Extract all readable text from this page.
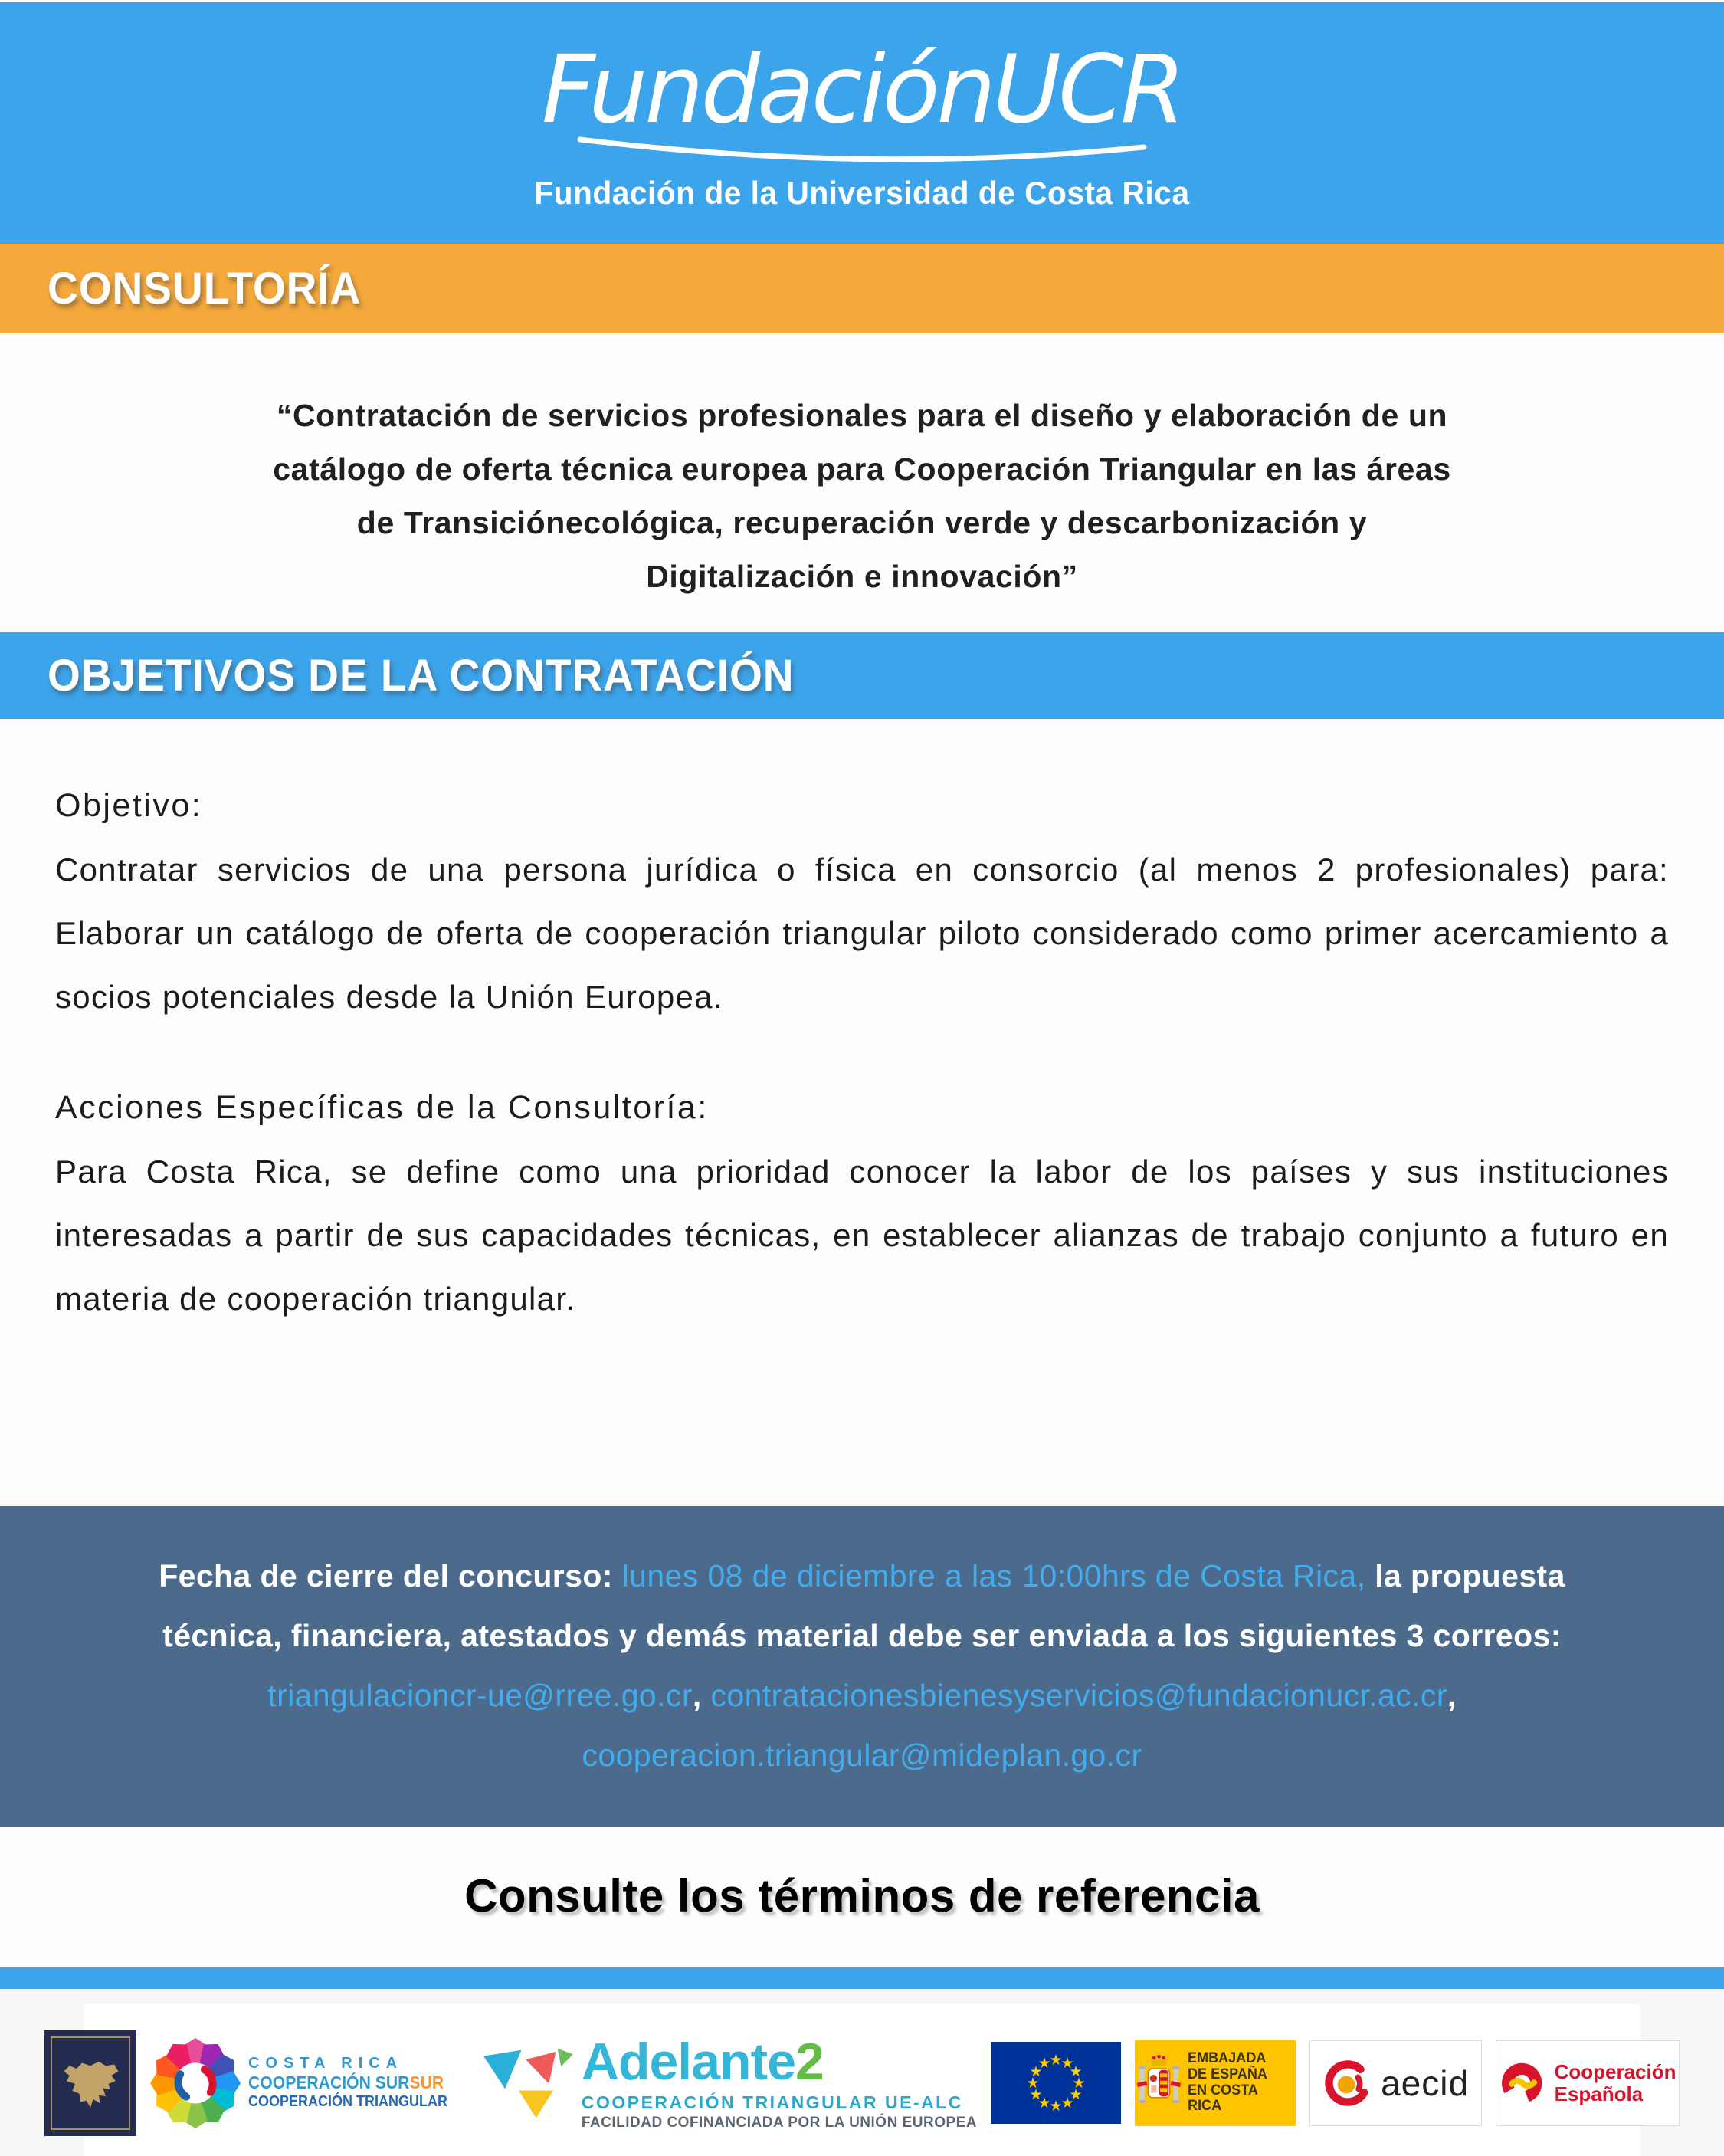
FundaciónUCR
Fundación de la Universidad de Costa Rica
CONSULTORÍA
“Contratación de servicios profesionales para el diseño y elaboración de un
catálogo de oferta técnica europea para Cooperación Triangular en las áreas
de Transiciónecológica, recuperación verde y descarbonización y
Digitalización e innovación”
OBJETIVOS DE LA CONTRATACIÓN
Objetivo:

Contratar servicios de una persona jurídica o física en consorcio (al menos 2 profesionales) para: Elaborar un catálogo de oferta de cooperación triangular piloto considerado como primer acercamiento a socios potenciales desde la Unión Europea.

Acciones Específicas de la Consultoría:

Para Costa Rica, se define como una prioridad conocer la labor de los países y sus instituciones interesadas a partir de sus capacidades técnicas, en establecer alianzas de trabajo conjunto a futuro en materia de cooperación triangular.

Fecha de cierre del concurso: lunes 08 de diciembre a las 10:00hrs de Costa Rica, la propuesta técnica, financiera, atestados y demás material debe ser enviada a los siguientes 3 correos:
triangulacioncr-ue@rree.go.cr, contratacionesbienesyservicios@fundacionucr.ac.cr,
cooperacion.triangular@mideplan.go.cr

Consulte los términos de referencia
COSTA RICA
COOPERACIÓN SURSUR
COOPERACIÓN TRIANGULAR
Adelante2
COOPERACIÓN TRIANGULAR UE-ALC
FACILIDAD COFINANCIADA POR LA UNIÓN EUROPEA
★
★
★
★
★
★
★
★
★
★
★
★
EMBAJADA
DE ESPAÑA
EN COSTA RICA
aecid	Cooperación
Española
